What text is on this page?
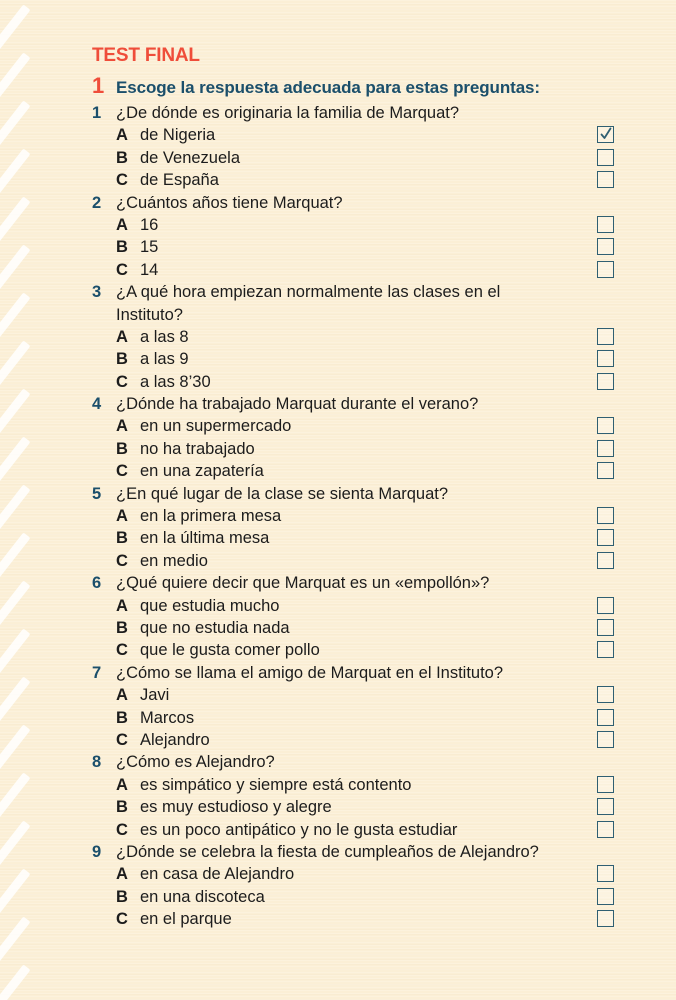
TEST FINAL
1 Escoge la respuesta adecuada para estas preguntas:
1 ¿De dónde es originaria la familia de Marquat?
A de Nigeria
B de Venezuela
C de España
2 ¿Cuántos años tiene Marquat?
A 16
B 15
C 14
3 ¿A qué hora empiezan normalmente las clases en el
Instituto?
A a las 8
B a las 9
C a las 8’30
4 ¿Dónde ha trabajado Marquat durante el verano?
A en un supermercado
B no ha trabajado
C en una zapatería
5 ¿En qué lugar de la clase se sienta Marquat?
A en la primera mesa
B en la última mesa
C en medio
6 ¿Qué quiere decir que Marquat es un «empollón»?
A que estudia mucho
B que no estudia nada
C que le gusta comer pollo
7 ¿Cómo se llama el amigo de Marquat en el Instituto?
A Javi
B Marcos
C Alejandro
8 ¿Cómo es Alejandro?
A es simpático y siempre está contento
B es muy estudioso y alegre
C es un poco antipático y no le gusta estudiar
9 ¿Dónde se celebra la fiesta de cumpleaños de Alejandro?
A en casa de Alejandro
B en una discoteca
C en el parque
